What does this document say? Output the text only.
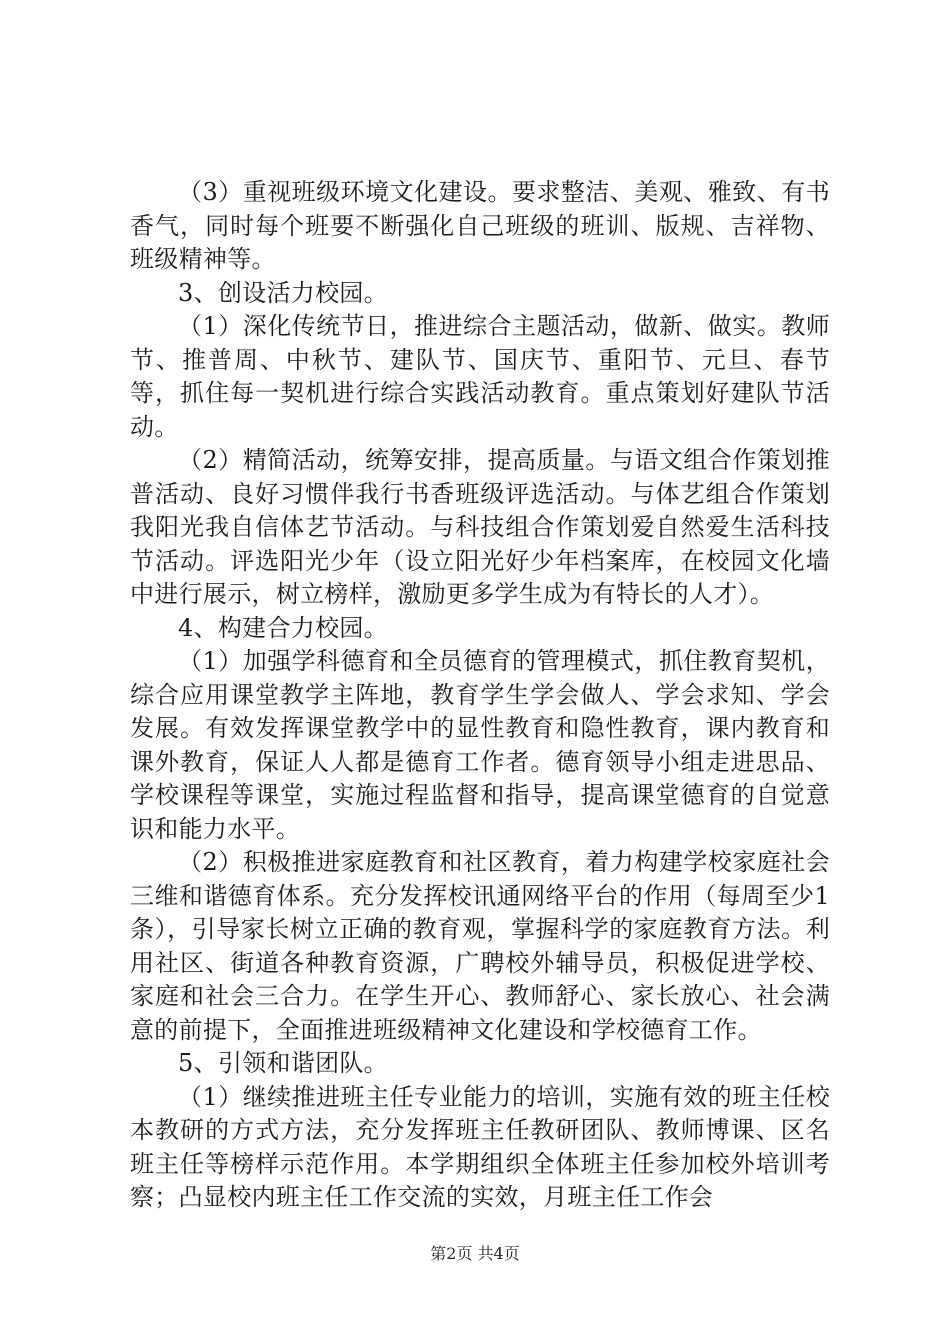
（3）重视班级环境文化建设。要求整洁、美观、雅致、有书香气，同时每个班要不断强化自己班级的班训、版规、吉祥物、班级精神等。

3、创设活力校园。

（1）深化传统节日，推进综合主题活动，做新、做实。教师节、推普周、中秋节、建队节、国庆节、重阳节、元旦、春节等，抓住每一契机进行综合实践活动教育。重点策划好建队节活动。

（2）精简活动，统筹安排，提高质量。与语文组合作策划推普活动、良好习惯伴我行书香班级评选活动。与体艺组合作策划我阳光我自信体艺节活动。与科技组合作策划爱自然爱生活科技节活动。评选阳光少年（设立阳光好少年档案库，在校园文化墙中进行展示，树立榜样，激励更多学生成为有特长的人才）。

4、构建合力校园。

（1）加强学科德育和全员德育的管理模式，抓住教育契机，综合应用课堂教学主阵地，教育学生学会做人、学会求知、学会发展。有效发挥课堂教学中的显性教育和隐性教育，课内教育和课外教育，保证人人都是德育工作者。德育领导小组走进思品、学校课程等课堂，实施过程监督和指导，提高课堂德育的自觉意识和能力水平。

（2）积极推进家庭教育和社区教育，着力构建学校家庭社会三维和谐德育体系。充分发挥校讯通网络平台的作用（每周至少1条），引导家长树立正确的教育观，掌握科学的家庭教育方法。利用社区、街道各种教育资源，广聘校外辅导员，积极促进学校、家庭和社会三合力。在学生开心、教师舒心、家长放心、社会满意的前提下，全面推进班级精神文化建设和学校德育工作。

5、引领和谐团队。

（1）继续推进班主任专业能力的培训，实施有效的班主任校本教研的方式方法，充分发挥班主任教研团队、教师博课、区名班主任等榜样示范作用。本学期组织全体班主任参加校外培训考察；凸显校内班主任工作交流的实效，月班主任工作会

第2页 共4页
